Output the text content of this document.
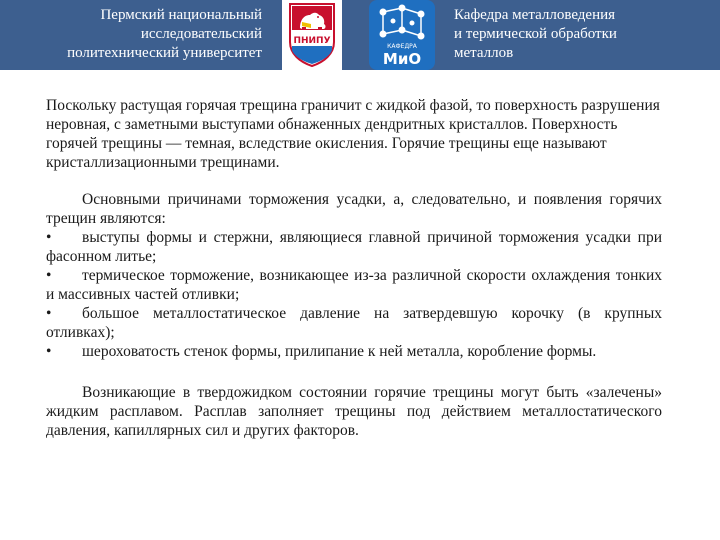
Пермский национальный
исследовательский
политехнический университет
ПНИПУ
КАФЕДРА
МиО
Кафедра металловедения
и термической обработки
металлов

Поскольку растущая горячая трещина граничит с жидкой фазой, то поверхность разрушения неровная, с заметными выступами обнаженных дендритных кристаллов. Поверхность горячей трещины — темная, вследствие окисления. Горячие трещины еще называют кристаллизационными трещинами.

Основными причинами торможения усадки, а, следовательно, и появления горячих трещин являются:

• выступы формы и стержни, являющиеся главной причиной торможения усадки при фасонном литье;

• термическое торможение, возникающее из-за различной скорости охлаждения тонких и массивных частей отливки;

• большое металлостатическое давление на затвердевшую корочку (в крупных отливках);

• шероховатость стенок формы, прилипание к ней металла, коробление формы.

Возникающие в твердожидком состоянии горячие трещины могут быть «залечены» жидким расплавом. Расплав заполняет трещины под действием металлостатического давления, капиллярных сил и других факторов.
